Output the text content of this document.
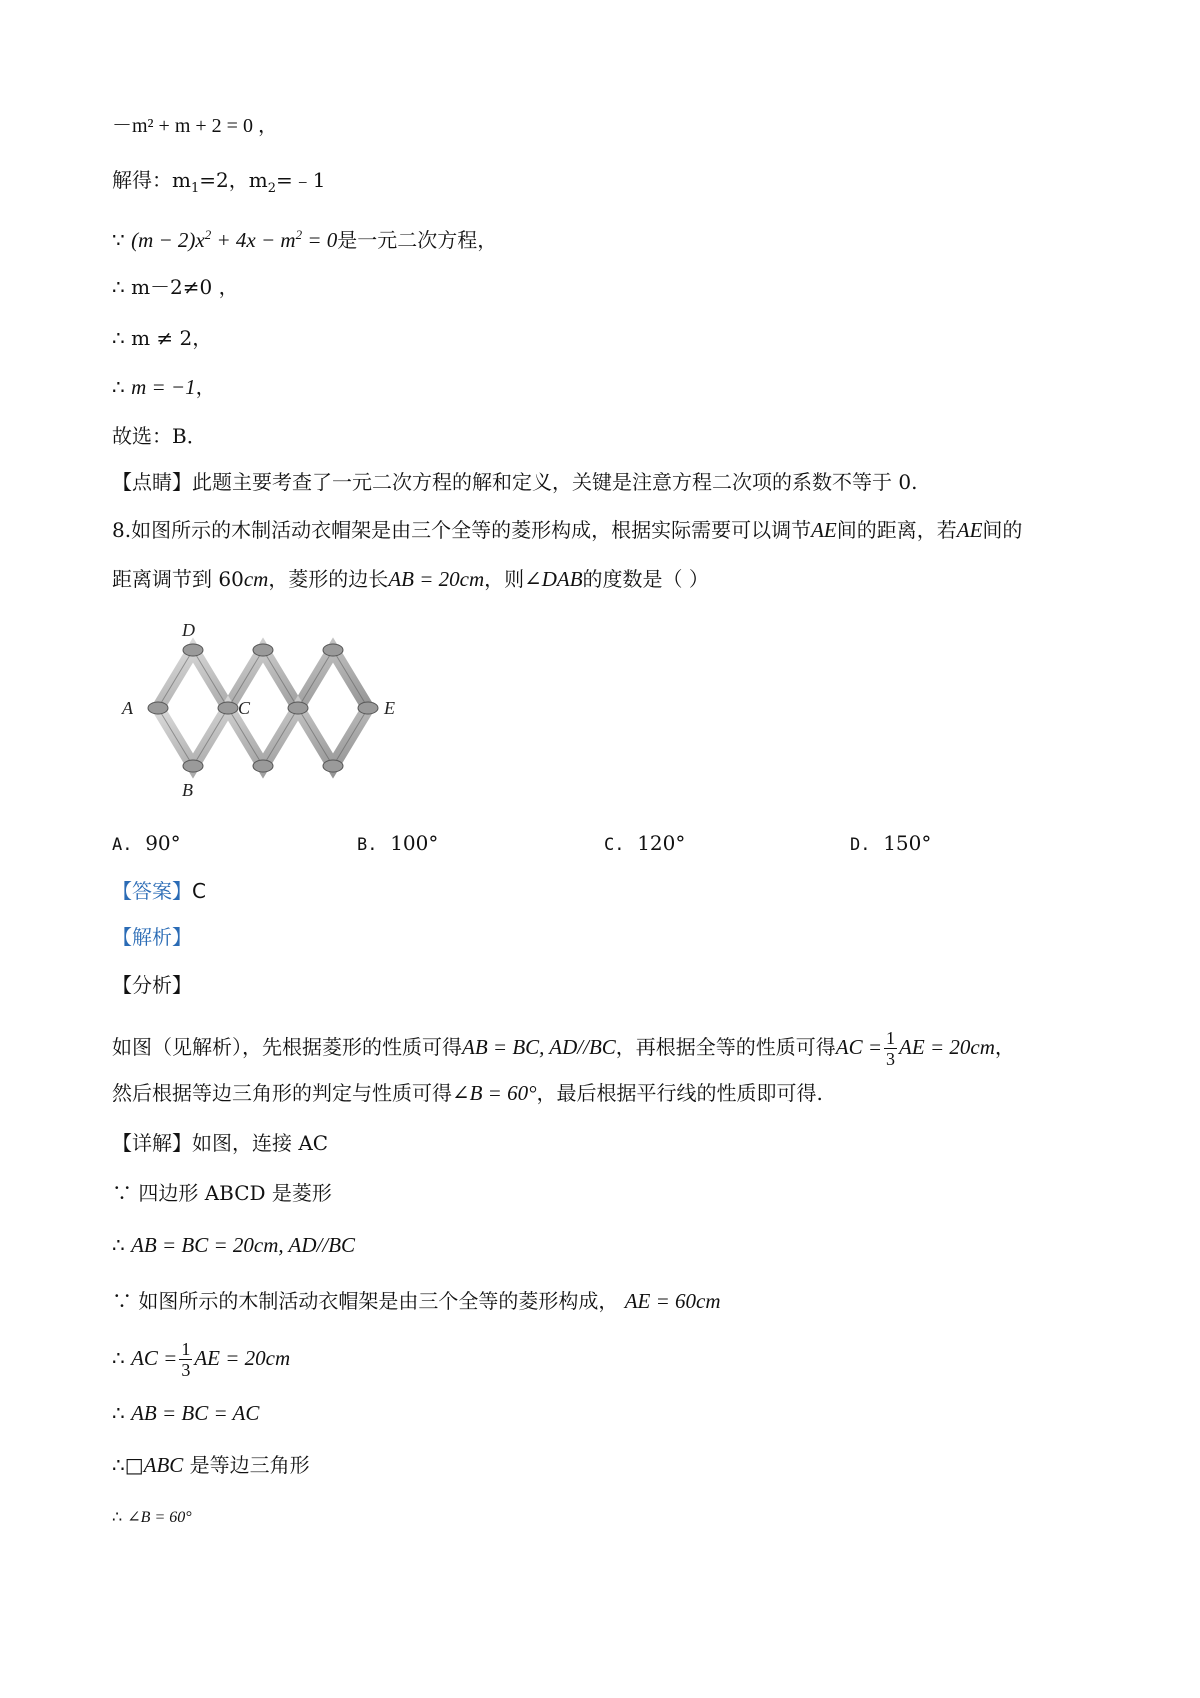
－m² + m + 2 = 0 ，
解得：$m_1=2$，$m_2=﹣1$
∵ $(m - 2)x^2 + 4x - m^2 = 0$是一元二次方程，
∴ m－2≠0 ，
∴ m ≠ 2，
∴ m = −1，
故选：B．
【点睛】此题主要考查了一元二次方程的解和定义，关键是注意方程二次项的系数不等于 0.
8.如图所示的木制活动衣帽架是由三个全等的菱形构成，根据实际需要可以调节AE间的距离，若AE间的
距离调节到 60cm，菱形的边长AB = 20cm，则∠DAB的度数是（ ）
D
A	C	E
B
A. 90°	B. 100°	C. 120°	D. 150°
【答案】C
【解析】
【分析】
如图（见解析），先根据菱形的性质可得AB = BC, AD//BC，再根据全等的性质可得AC = $\frac{1}{3}$ AE = 20cm，
然后根据等边三角形的判定与性质可得∠B = 60°，最后根据平行线的性质即可得.
【详解】如图，连接 AC
∵ 四边形 ABCD 是菱形
∴ AB = BC = 20cm, AD//BC
∵ 如图所示的木制活动衣帽架是由三个全等的菱形构成， AE = 60cm
∴ AC = $\frac{1}{3}$ AE = 20cm
∴ AB = BC = AC
∴□ABC 是等边三角形
∴ ∠B = 60°
